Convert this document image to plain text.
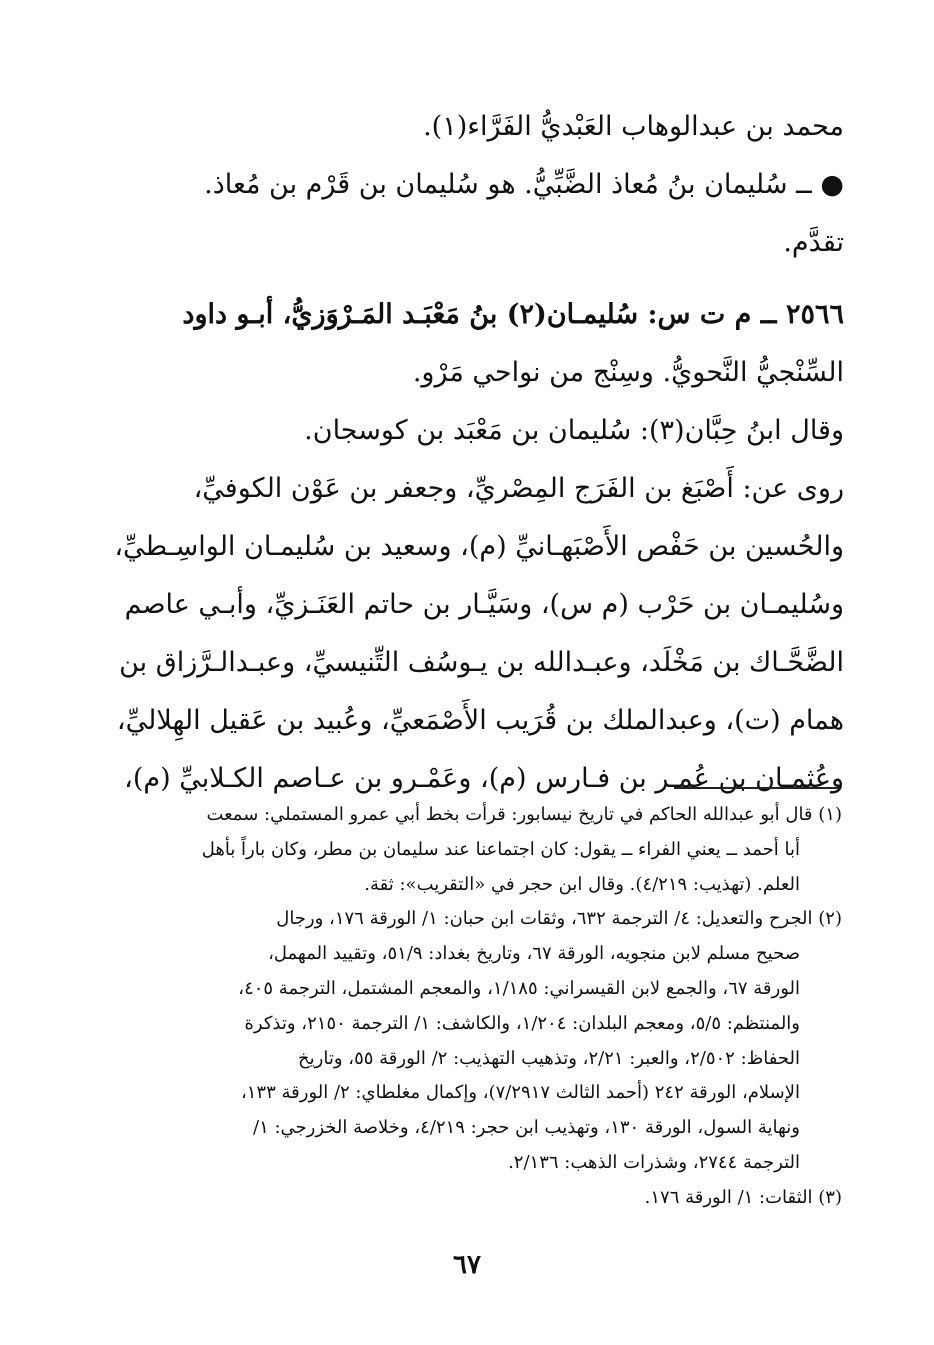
محمد بن عبدالوهاب العَبْديُّ الفَرَّاء(١).
● ــ سُليمان بنُ مُعاذ الضَّبِّيُّ. هو سُليمان بن قَرْم بن مُعاذ.
تقدَّم.
٢٥٦٦ ــ م ت س: سُليمـان(٢) بنُ مَعْبَـد المَـرْوَزيُّ، أبـو داود
السِّنْجيُّ النَّحويُّ. وسِنْج من نواحي مَرْو.
وقال ابنُ حِبَّان(٣): سُليمان بن مَعْبَد بن كوسجان.
روى عن: أَصْبَغ بن الفَرَج المِصْريِّ، وجعفر بن عَوْن الكوفيِّ،
والحُسين بن حَفْص الأَصْبَهـانيِّ (م)، وسعيد بن سُليمـان الواسِـطيِّ،
وسُليمـان بن حَرْب (م س)، وسَيَّـار بن حاتم العَنَـزيِّ، وأبـي عاصم
الضَّحَّـاك بن مَخْلَد، وعبـدالله بن يـوسُف التِّنيسيِّ، وعبـدالـرَّزاق بن
همام (ت)، وعبدالملك بن قُرَيب الأَصْمَعيِّ، وعُبيد بن عَقيل الهِلاليِّ،
وعُثمـان بن عُمـر بن فـارس (م)، وعَمْـرو بن عـاصم الكـلابيِّ (م)،
(١) قال أبو عبدالله الحاكم في تاريخ نيسابور: قرأت بخط أبي عمرو المستملي: سمعت
أبا أحمد ــ يعني الفراء ــ يقول: كان اجتماعنا عند سليمان بن مطر، وكان باراً بأهل
العلم. (تهذيب: ٤/٢١٩). وقال ابن حجر في «التقريب»: ثقة.
(٢) الجرح والتعديل: ٤/ الترجمة ٦٣٢، وثقات ابن حبان: ١/ الورقة ١٧٦، ورجال
صحيح مسلم لابن منجويه، الورقة ٦٧، وتاريخ بغداد: ٥١/٩، وتقييد المهمل،
الورقة ٦٧، والجمع لابن القيسراني: ١/١٨٥، والمعجم المشتمل، الترجمة ٤٠٥،
والمنتظم: ٥/٥، ومعجم البلدان: ١/٢٠٤، والكاشف: ١/ الترجمة ٢١٥٠، وتذكرة
الحفاظ: ٢/٥٠٢، والعبر: ٢/٢١، وتذهيب التهذيب: ٢/ الورقة ٥٥، وتاريخ
الإسلام، الورقة ٢٤٢ (أحمد الثالث ٧/٢٩١٧)، وإكمال مغلطاي: ٢/ الورقة ١٣٣،
ونهاية السول، الورقة ١٣٠، وتهذيب ابن حجر: ٤/٢١٩، وخلاصة الخزرجي: ١/
الترجمة ٢٧٤٤، وشذرات الذهب: ٢/١٣٦.
(٣) الثقات: ١/ الورقة ١٧٦.
٦٧
